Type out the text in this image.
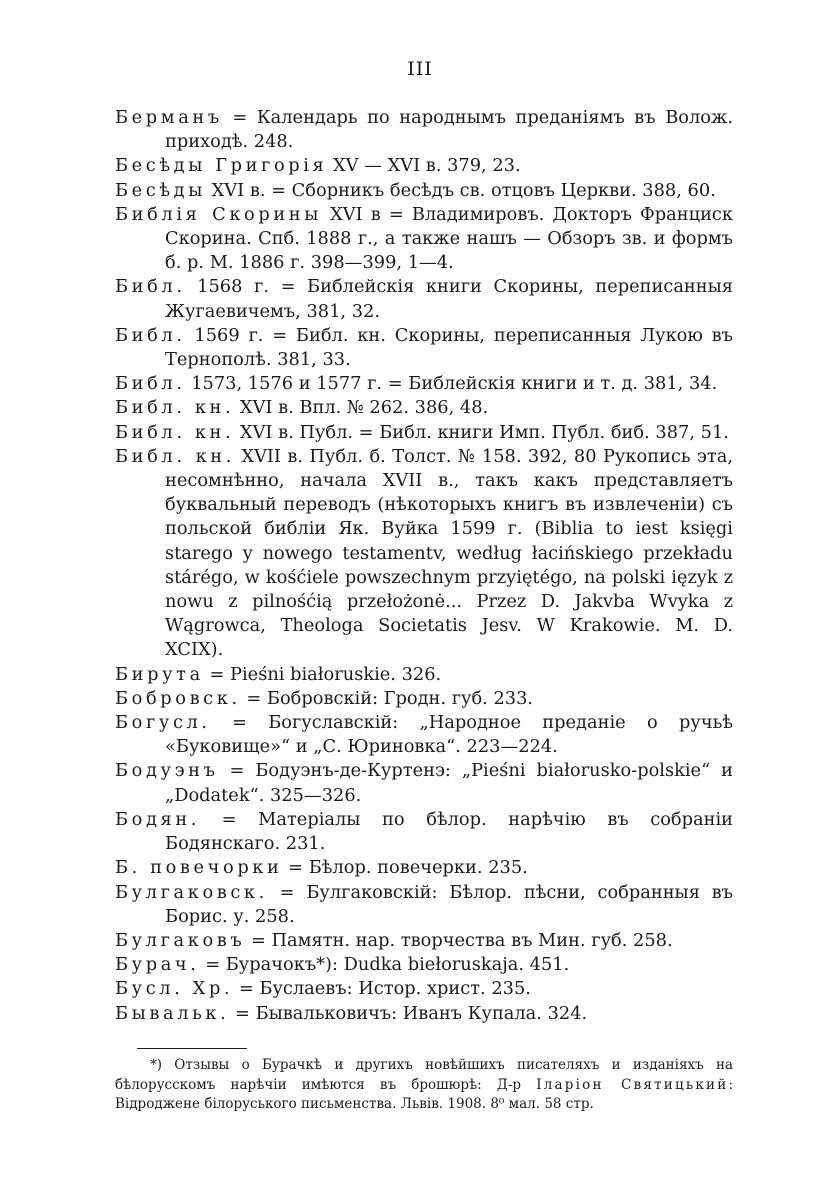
III

Берманъ = Календарь по народнымъ преданіямъ въ Волож. приходѣ. 248.

Бесѣды Григорія XV — XVI в. 379, 23.

Бесѣды XVI в. = Сборникъ бесѣдъ св. отцовъ Церкви. 388, 60.

Библія Скорины XVI в = Владимировъ. Докторъ Франциск Скорина. Спб. 1888 г., а также нашъ — Обзоръ зв. и формъ б. р. М. 1886 г. 398—399, 1—4.

Библ. 1568 г. = Библейскія книги Скорины, переписанныя Жугаевичемъ, 381, 32.

Библ. 1569 г. = Библ. кн. Скорины, переписанныя Лукою въ Тернополѣ. 381, 33.

Библ. 1573, 1576 и 1577 г. = Библейскія книги и т. д. 381, 34.

Библ. кн. XVI в. Впл. № 262. 386, 48.

Библ. кн. XVI в. Публ. = Библ. книги Имп. Публ. биб. 387, 51.

Библ. кн. XVII в. Публ. б. Толст. № 158. 392, 80 Рукопись эта, несомнѣнно, начала XVII в., такъ какъ представляетъ буквальный переводъ (нѣкоторыхъ книгъ въ извлеченіи) съ польской библіи Як. Вуйка 1599 г. (Biblia to iest księgi starego y nowego testamentv, według łacińskiego przekładu stárégo, w kośćiele powszechnym przyiętégo, na polski ięzyk z nowu z pilnośćią przełożonė... Przez D. Jakvba Wvyka z Wągrowca, Theologa Societatis Jesv. W Krakowie. M. D. XCIX).

Бирута = Pieśni białoruskie. 326.

Бобровск. = Бобровскій: Гродн. губ. 233.

Богусл. = Богуславскій: „Народное преданіе о ручьѣ «Буковище»“ и „С. Юриновка“. 223—224.

Бодуэнъ = Бодуэнъ-де-Куртенэ: „Pieśni białorusko-polskie“ и „Dodatek“. 325—326.

Бодян. = Матеріалы по бѣлор. нарѣчію въ собраніи Бодянскаго. 231.

Б. повечорки = Бѣлор. повечерки. 235.

Булгаковск. = Булгаковскій: Бѣлор. пѣсни, собранныя въ Борис. у. 258.

Булгаковъ = Памятн. нар. творчества въ Мин. губ. 258.

Бурач. = Бурачокъ*): Dudka biełoruskaja. 451.

Бусл. Хр. = Буслаевъ: Истор. христ. 235.

Бывальк. = Бывальковичъ: Иванъ Купала. 324.

*) Отзывы о Бурачкѣ и другихъ новѣйшихъ писателяхъ и изданіяхъ на бѣлорусскомъ нарѣчіи имѣются въ брошюрѣ: Д-р Іларіон Святицький: Відроджене білоруського письменства. Львів. 1908. 8⁰ мал. 58 стр.
